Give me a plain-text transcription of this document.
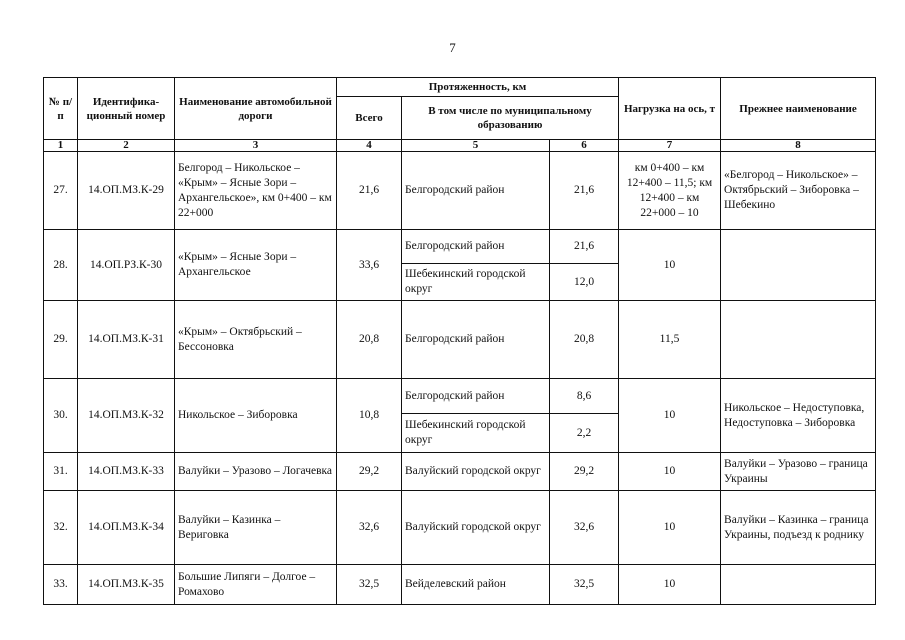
7
№ п/п	Идентифика-ционный номер	Наименование автомобильной дороги	Протяженность, км			Нагрузка на ось, т	Прежнее наименование
			Всего	В том числе по муниципальному образованию			
1	2	3	4	5	6	7	8
27.	14.ОП.МЗ.К-29	Белгород – Никольское – «Крым» – Ясные Зори – Архангельское», км 0+400 – км 22+000	21,6	Белгородский район	21,6	км 0+400 – км 12+400 – 11,5; км 12+400 – км 22+000 – 10	«Белгород – Никольское» – Октябрьский – Зиборовка – Шебекино
28.	14.ОП.РЗ.К-30	«Крым» – Ясные Зори – Архангельское	33,6	Белгородский район	21,6	10	
				Шебекинский городской округ	12,0		
29.	14.ОП.МЗ.К-31	«Крым» – Октябрьский – Бессоновка	20,8	Белгородский район	20,8	11,5	
30.	14.ОП.МЗ.К-32	Никольское – Зиборовка	10,8	Белгородский район	8,6	10	Никольское – Недоступовка, Недоступовка – Зиборовка
				Шебекинский городской округ	2,2		
31.	14.ОП.МЗ.К-33	Валуйки – Уразово – Логачевка	29,2	Валуйский городской округ	29,2	10	Валуйки – Уразово – граница Украины
32.	14.ОП.МЗ.К-34	Валуйки – Казинка – Вериговка	32,6	Валуйский городской округ	32,6	10	Валуйки – Казинка – граница Украины, подъезд к роднику
33.	14.ОП.МЗ.К-35	Большие Липяги – Долгое – Ромахово	32,5	Вейделевский район	32,5	10	
